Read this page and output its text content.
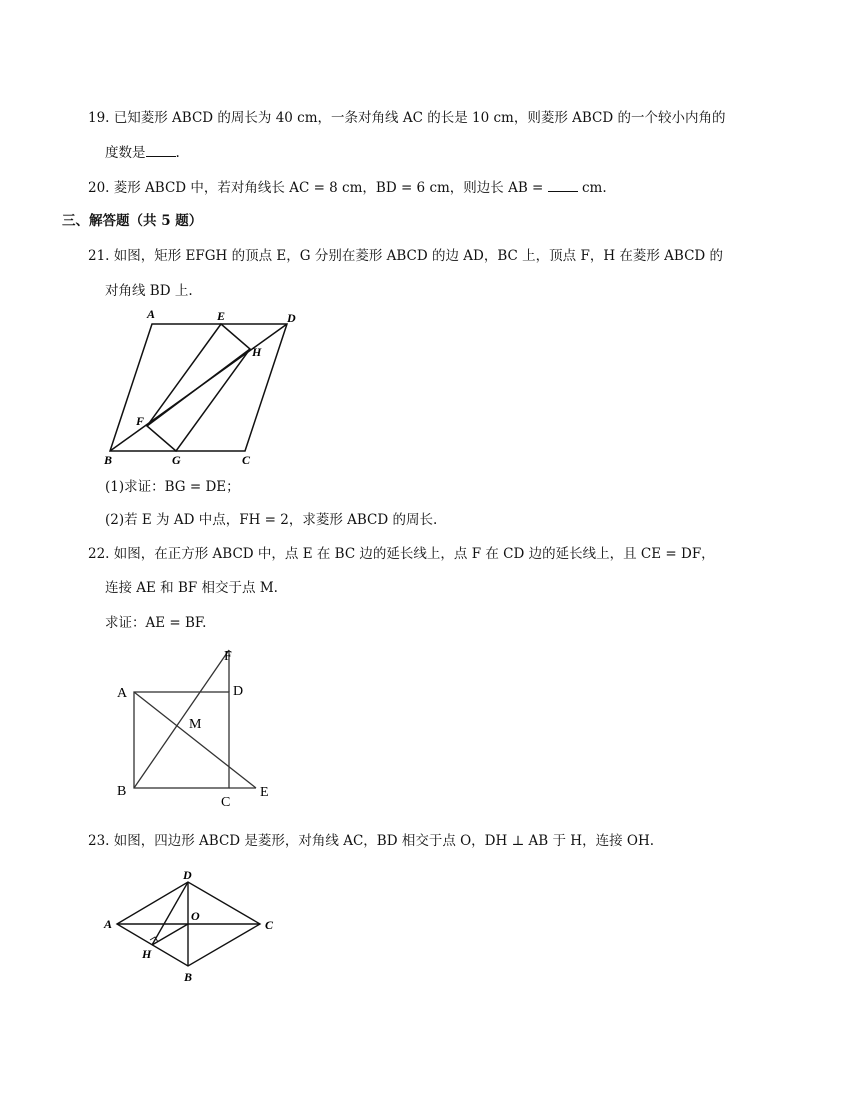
19. 已知菱形 ABCD 的周长为 40 cm，一条对角线 AC 的长是 10 cm，则菱形 ABCD 的一个较小内角的
度数是 .
20. 菱形 ABCD 中，若对角线长 AC = 8 cm，BD = 6 cm，则边长 AB =  cm.
三、解答题（共 5 题）
21. 如图，矩形 EFGH 的顶点 E，G 分别在菱形 ABCD 的边 AD，BC 上，顶点 F，H 在菱形 ABCD 的
对角线 BD 上.
A	E	D
H
F
B	G	C
(1)求证：BG = DE；
(2)若 E 为 AD 中点，FH = 2，求菱形 ABCD 的周长.
22. 如图，在正方形 ABCD 中，点 E 在 BC 边的延长线上，点 F 在 CD 边的延长线上，且 CE = DF，
连接 AE 和 BF 相交于点 M.
求证：AE = BF.
A	D
F
M
B
C
E
23. 如图，四边形 ABCD 是菱形，对角线 AC，BD 相交于点 O，DH ⊥ AB 于 H，连接 OH.
A
D
O
C
H
B
